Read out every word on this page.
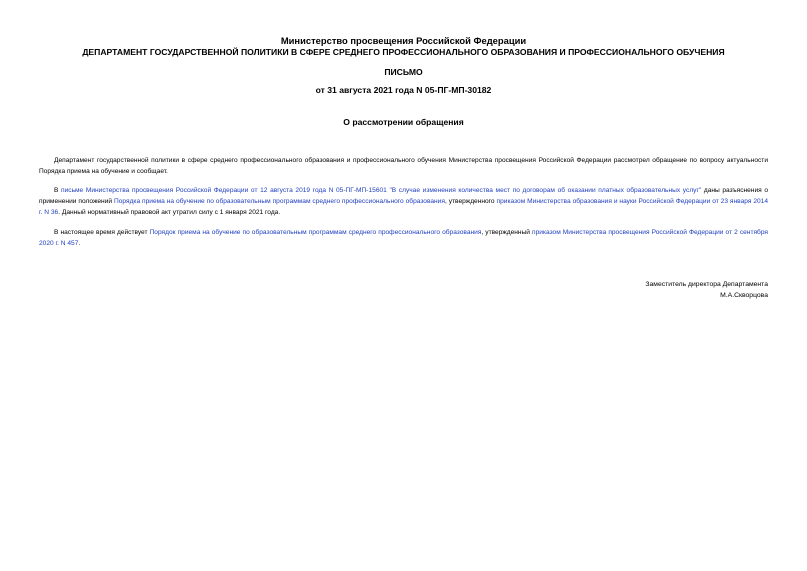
Министерство просвещения Российской Федерации
ДЕПАРТАМЕНТ ГОСУДАРСТВЕННОЙ ПОЛИТИКИ В СФЕРЕ СРЕДНЕГО ПРОФЕССИОНАЛЬНОГО ОБРАЗОВАНИЯ И ПРОФЕССИОНАЛЬНОГО ОБУЧЕНИЯ
ПИСЬМО
от 31 августа 2021 года N 05-ПГ-МП-30182
О рассмотрении обращения
Департамент государственной политики в сфере среднего профессионального образования и профессионального обучения Министерства просвещения Российской Федерации рассмотрел обращение по вопросу актуальности Порядка приема на обучение и сообщает.
В письме Министерства просвещения Российской Федерации от 12 августа 2019 года N 05-ПГ-МП-15601 "В случае изменения количества мест по договорам об оказании платных образовательных услуг" даны разъяснения о применении положений Порядка приема на обучение по образовательным программам среднего профессионального образования, утвержденного приказом Министерства образования и науки Российской Федерации от 23 января 2014 г. N 36. Данный нормативный правовой акт утратил силу с 1 января 2021 года.
В настоящее время действует Порядок приема на обучение по образовательным программам среднего профессионального образования, утвержденный приказом Министерства просвещения Российской Федерации от 2 сентября 2020 г. N 457.
Заместитель директора Департамента
М.А.Скворцова
